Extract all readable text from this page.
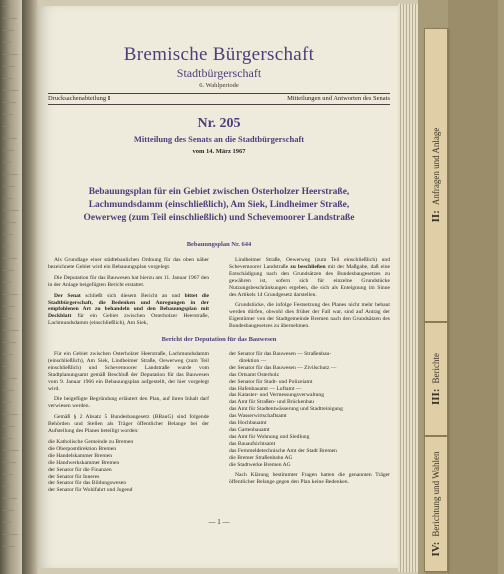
Bremische Bürgerschaft
Stadtbürgerschaft
6. Wahlperiode
Drucksachenabteilung I	Mitteilungen und Antworten des Senats
Nr. 205
Mitteilung des Senats an die Stadtbürgerschaft
vom 14. März 1967
Bebauungsplan für ein Gebiet zwischen Osterholzer Heerstraße,
Lachmundsdamm (einschließlich), Am Siek, Lindheimer Straße,
Oewerweg (zum Teil einschließlich) und Schevemoorer Landstraße
Bebauungsplan Nr. 644

Als Grundlage einer städtebaulichen Ordnung für das oben näher bezeichnete Gebiet wird ein Bebauungsplan vorgelegt.

Die Deputation für das Bauwesen hat hierzu am 11. Januar 1967 den in der Anlage beigefügten Bericht erstattet.

Der Senat schließt sich diesem Bericht an und bittet die Stadtbürgerschaft, die Bedenken und Anregungen in der empfohlenen Art zu behandeln und den Bebauungsplan mit Deckblatt für ein Gebiet zwischen Osterholzer Heerstraße, Lachmundsdamm (einschließlich), Am Siek,

Lindheimer Straße, Oewerweg (zum Teil einschließlich) und Schevemoorer Landstraße zu beschließen mit der Maßgabe, daß eine Entschädigung nach den Grundsätzen des Bundesbaugesetzes zu gewähren ist, sofern sich für einzelne Grundstücke Nutzungsbeschränkungen ergeben, die sich als Enteignung im Sinne des Artikels 14 Grundgesetz darstellen.

Grundstücke, die infolge Festsetzung des Planes nicht mehr bebaut werden dürfen, obwohl dies früher der Fall war, sind auf Antrag der Eigentümer von der Stadtgemeinde Bremen nach den Grundsätzen des Bundesbaugesetzes zu übernehmen.

Bericht der Deputation für das Bauwesen

Für ein Gebiet zwischen Osterholzer Heerstraße, Lachmundsdamm (einschließlich), Am Siek, Lindheimer Straße, Oewerweg (zum Teil einschließlich) und Schevemoorer Landstraße wurde vom Stadtplanungsamt gemäß Beschluß der Deputation für das Bauwesen vom 9. Januar 1966 ein Bebauungsplan aufgestellt, der hier vorgelegt wird.

Die beigefügte Begründung erläutert den Plan, auf ihren Inhalt darf verwiesen werden.

Gemäß § 2 Absatz 5 Bundesbaugesetz (BBauG) sind folgende Behörden und Stellen als Träger öffentlicher Belange bei der Aufstellung des Planes beteiligt worden:

die Katholische Gemeinde zu Bremen
die Oberpostdirektion Bremen
die Handelskammer Bremen
die Handwerkskammer Bremen
der Senator für die Finanzen
der Senator für Inneres
der Senator für das Bildungswesen
der Senator für Wohlfahrt und Jugend
der Senator für das Bauwesen — Straßenbau-
direktion —
der Senator für das Bauwesen — Zivilschutz —
das Ortsamt Osterholz
der Senator für Stadt- und Polizeiamt
das Hafenbauamt — Luftamt —
das Kataster- und Vermessungsverwaltung
das Amt für Straßen- und Brückenbau
das Amt für Stadtentwässerung und Stadtreinigung
das Wasserwirtschaftsamt
das Hochbauamt
das Gartenbauamt
das Amt für Wohnung und Siedlung
das Bauaufsichtsamt
das Fernmeldetechnische Amt der Stadt Bremen
die Bremer Straßenbahn AG
die Stadtwerke Bremen AG

Nach Klärung bestimmter Fragen hatten die genannten Träger öffentlicher Belange gegen den Plan keine Bedenken.

— 1 —
II:Anfragen und Anlage
III:Berichte
IV:Berichtung und Wahlen
